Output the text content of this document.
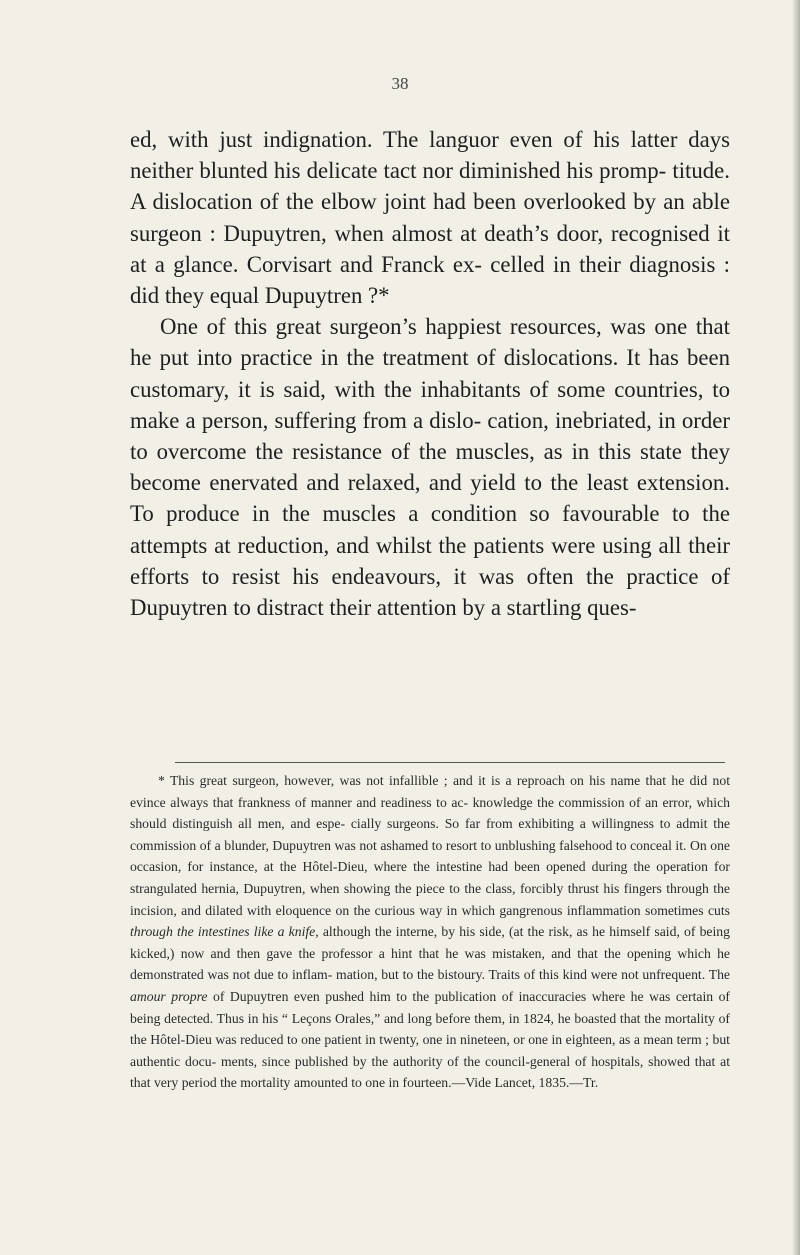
38

ed, with just indignation. The languor even of his latter days neither blunted his delicate tact nor diminished his promp- titude. A dislocation of the elbow joint had been overlooked by an able surgeon : Dupuytren, when almost at death’s door, recognised it at a glance. Corvisart and Franck ex- celled in their diagnosis : did they equal Dupuytren ?*

One of this great surgeon’s happiest resources, was one that he put into practice in the treatment of dislocations. It has been customary, it is said, with the inhabitants of some countries, to make a person, suffering from a dislo- cation, inebriated, in order to overcome the resistance of the muscles, as in this state they become enervated and relaxed, and yield to the least extension. To produce in the muscles a condition so favourable to the attempts at reduction, and whilst the patients were using all their efforts to resist his endeavours, it was often the practice of Dupuytren to distract their attention by a startling ques-

* This great surgeon, however, was not infallible ; and it is a reproach on his name that he did not evince always that frankness of manner and readiness to ac- knowledge the commission of an error, which should distinguish all men, and espe- cially surgeons. So far from exhibiting a willingness to admit the commission of a blunder, Dupuytren was not ashamed to resort to unblushing falsehood to conceal it. On one occasion, for instance, at the Hôtel-Dieu, where the intestine had been opened during the operation for strangulated hernia, Dupuytren, when showing the piece to the class, forcibly thrust his fingers through the incision, and dilated with eloquence on the curious way in which gangrenous inflammation sometimes cuts through the intestines like a knife, although the interne, by his side, (at the risk, as he himself said, of being kicked,) now and then gave the professor a hint that he was mistaken, and that the opening which he demonstrated was not due to inflam- mation, but to the bistoury. Traits of this kind were not unfrequent. The amour propre of Dupuytren even pushed him to the publication of inaccuracies where he was certain of being detected. Thus in his “ Leçons Orales,” and long before them, in 1824, he boasted that the mortality of the Hôtel-Dieu was reduced to one patient in twenty, one in nineteen, or one in eighteen, as a mean term ; but authentic docu- ments, since published by the authority of the council-general of hospitals, showed that at that very period the mortality amounted to one in fourteen.—Vide Lancet, 1835.—Tr.
